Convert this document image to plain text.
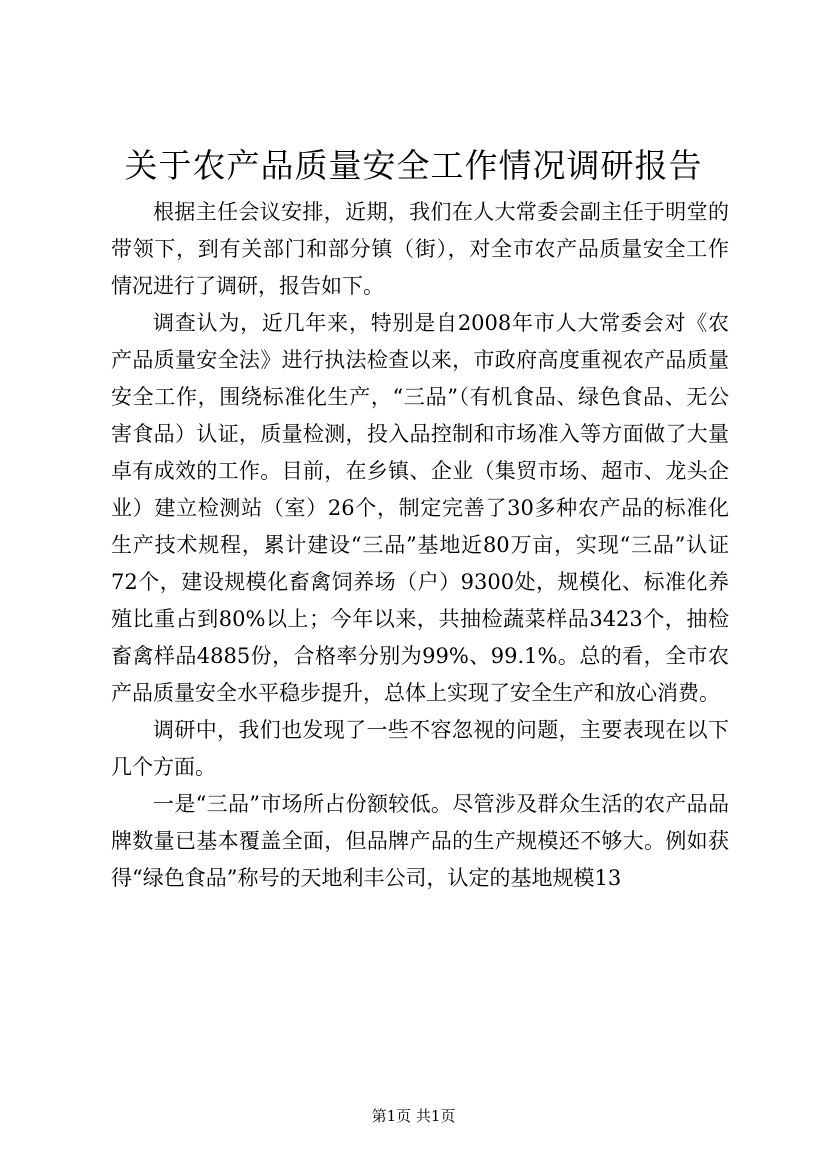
关于农产品质量安全工作情况调研报告

根据主任会议安排，近期，我们在人大常委会副主任于明堂的带领下，到有关部门和部分镇（街），对全市农产品质量安全工作情况进行了调研，报告如下。

调查认为，近几年来，特别是自2008年市人大常委会对《农产品质量安全法》进行执法检查以来，市政府高度重视农产品质量安全工作，围绕标准化生产，“三品”（有机食品、绿色食品、无公害食品）认证，质量检测，投入品控制和市场准入等方面做了大量卓有成效的工作。目前，在乡镇、企业（集贸市场、超市、龙头企业）建立检测站（室）26个，制定完善了30多种农产品的标准化生产技术规程，累计建设“三品”基地近80万亩，实现“三品”认证72个，建设规模化畜禽饲养场（户）9300处，规模化、标准化养殖比重占到80%以上；今年以来，共抽检蔬菜样品3423个，抽检畜禽样品4885份，合格率分别为99%、99.1%。总的看，全市农产品质量安全水平稳步提升，总体上实现了安全生产和放心消费。

调研中，我们也发现了一些不容忽视的问题，主要表现在以下几个方面。

一是“三品”市场所占份额较低。尽管涉及群众生活的农产品品牌数量已基本覆盖全面，但品牌产品的生产规模还不够大。例如获得“绿色食品”称号的天地利丰公司，认定的基地规模13

第1页 共1页
